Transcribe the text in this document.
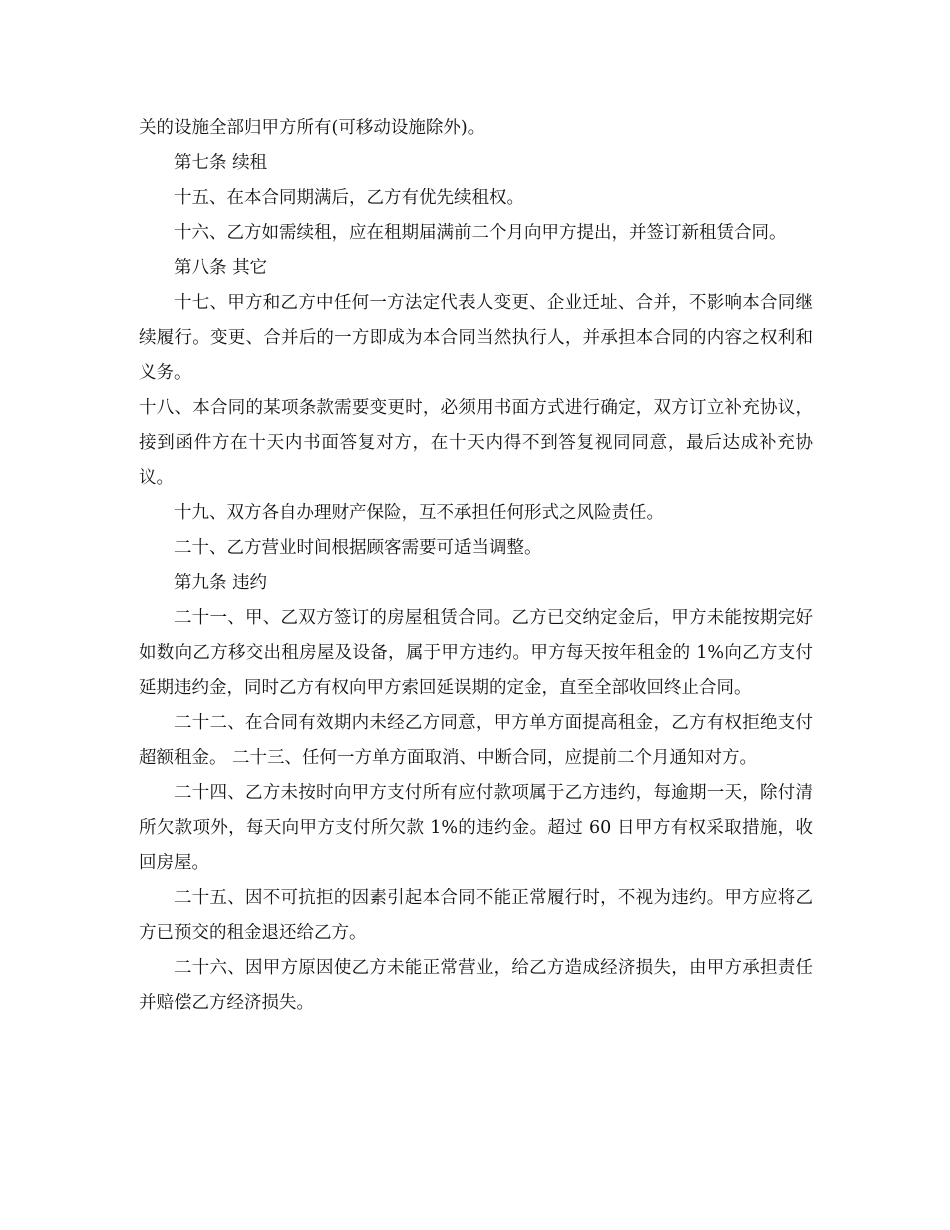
关的设施全部归甲方所有(可移动设施除外)。

第七条 续租

十五、在本合同期满后，乙方有优先续租权。

十六、乙方如需续租，应在租期届满前二个月向甲方提出，并签订新租赁合同。

第八条 其它

十七、甲方和乙方中任何一方法定代表人变更、企业迁址、合并，不影响本合同继续履行。变更、合并后的一方即成为本合同当然执行人，并承担本合同的内容之权利和义务。

十八、本合同的某项条款需要变更时，必须用书面方式进行确定，双方订立补充协议，接到函件方在十天内书面答复对方，在十天内得不到答复视同同意，最后达成补充协议。

十九、双方各自办理财产保险，互不承担任何形式之风险责任。

二十、乙方营业时间根据顾客需要可适当调整。

第九条 违约

二十一、甲、乙双方签订的房屋租赁合同。乙方已交纳定金后，甲方未能按期完好如数向乙方移交出租房屋及设备，属于甲方违约。甲方每天按年租金的 1%向乙方支付延期违约金，同时乙方有权向甲方索回延误期的定金，直至全部收回终止合同。

二十二、在合同有效期内未经乙方同意，甲方单方面提高租金，乙方有权拒绝支付超额租金。 二十三、任何一方单方面取消、中断合同，应提前二个月通知对方。

二十四、乙方未按时向甲方支付所有应付款项属于乙方违约，每逾期一天，除付清所欠款项外，每天向甲方支付所欠款 1%的违约金。超过 60 日甲方有权采取措施，收回房屋。

二十五、因不可抗拒的因素引起本合同不能正常履行时，不视为违约。甲方应将乙方已预交的租金退还给乙方。

二十六、因甲方原因使乙方未能正常营业，给乙方造成经济损失，由甲方承担责任并赔偿乙方经济损失。
